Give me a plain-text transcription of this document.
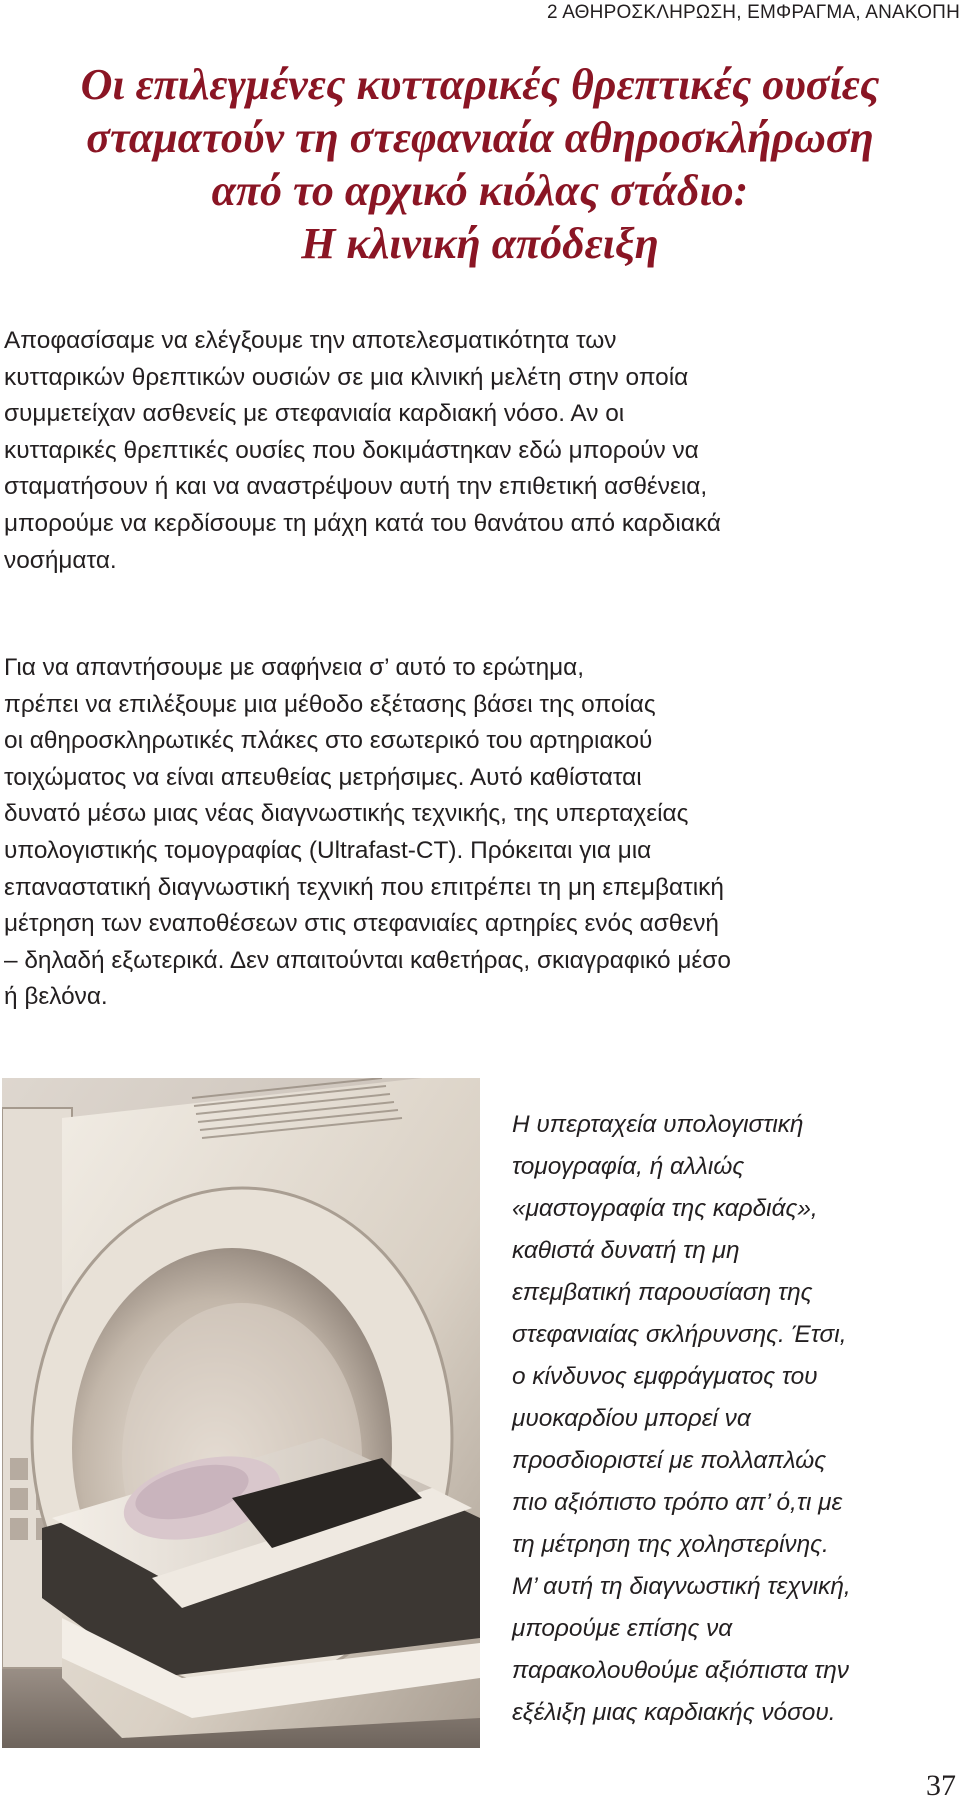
2 ΑΘΗΡΟΣΚΛΗΡΩΣΗ, ΕΜΦΡΑΓΜΑ, ΑΝΑΚΟΠΗ
Οι επιλεγμένες κυτταρικές θρεπτικές ουσίες
σταματούν τη στεφανιαία αθηροσκλήρωση
από το αρχικό κιόλας στάδιο:
Η κλινική απόδειξη

Αποφασίσαμε να ελέγξουμε την αποτελεσματικότητα των
κυτταρικών θρεπτικών ουσιών σε μια κλινική μελέτη στην οποία
συμμετείχαν ασθενείς με στεφανιαία καρδιακή νόσο. Αν οι
κυτταρικές θρεπτικές ουσίες που δοκιμάστηκαν εδώ μπορούν να
σταματήσουν ή και να αναστρέψουν αυτή την επιθετική ασθένεια,
μπορούμε να κερδίσουμε τη μάχη κατά του θανάτου από καρδιακά
νοσήματα.

Για να απαντήσουμε με σαφήνεια σ’ αυτό το ερώτημα,
πρέπει να επιλέξουμε μια μέθοδο εξέτασης βάσει της οποίας
οι αθηροσκληρωτικές πλάκες στο εσωτερικό του αρτηριακού
τοιχώματος να είναι απευθείας μετρήσιμες. Αυτό καθίσταται
δυνατό μέσω μιας νέας διαγνωστικής τεχνικής, της υπερταχείας
υπολογιστικής τομογραφίας (Ultrafast-CT). Πρόκειται για μια
επαναστατική διαγνωστική τεχνική που επιτρέπει τη μη επεμβατική
μέτρηση των εναποθέσεων στις στεφανιαίες αρτηρίες ενός ασθενή
– δηλαδή εξωτερικά. Δεν απαιτούνται καθετήρας, σκιαγραφικό μέσο
ή βελόνα.

Η υπερταχεία υπολογιστική
τομογραφία, ή αλλιώς
«μαστογραφία της καρδιάς»,
καθιστά δυνατή τη μη
επεμβατική παρουσίαση της
στεφανιαίας σκλήρυνσης. Έτσι,
ο κίνδυνος εμφράγματος του
μυοκαρδίου μπορεί να
προσδιοριστεί με πολλαπλώς
πιο αξιόπιστο τρόπο απ’ ό,τι με
τη μέτρηση της χοληστερίνης.
Μ’ αυτή τη διαγνωστική τεχνική,
μπορούμε επίσης να
παρακολουθούμε αξιόπιστα την
εξέλιξη μιας καρδιακής νόσου.

37
